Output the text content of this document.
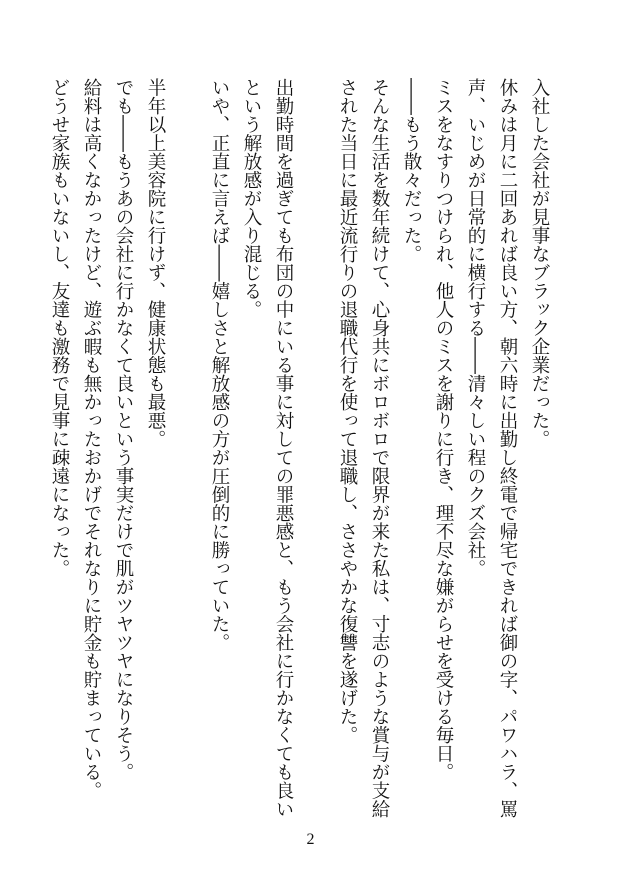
入社した会社が見事なブラック企業だった。
休みは月に二回あれば良い方、朝六時に出勤し終電で帰宅できれば御の字、パワハラ、罵
声、いじめが日常的に横行する――清々しい程のクズ会社。
ミスをなすりつけられ、他人のミスを謝りに行き、理不尽な嫌がらせを受ける毎日。
――もう散々だった。
そんな生活を数年続けて、心身共にボロボロで限界が来た私は、寸志のような賞与が支給
された当日に最近流行りの退職代行を使って退職し、ささやかな復讐を遂げた。
出勤時間を過ぎても布団の中にいる事に対しての罪悪感と、もう会社に行かなくても良い
という解放感が入り混じる。
いや、正直に言えば――嬉しさと解放感の方が圧倒的に勝っていた。
半年以上美容院に行けず、健康状態も最悪。
でも――もうあの会社に行かなくて良いという事実だけで肌がツヤツヤになりそう。
給料は高くなかったけど、遊ぶ暇も無かったおかげでそれなりに貯金も貯まっている。
どうせ家族もいないし、友達も激務で見事に疎遠になった。
2
